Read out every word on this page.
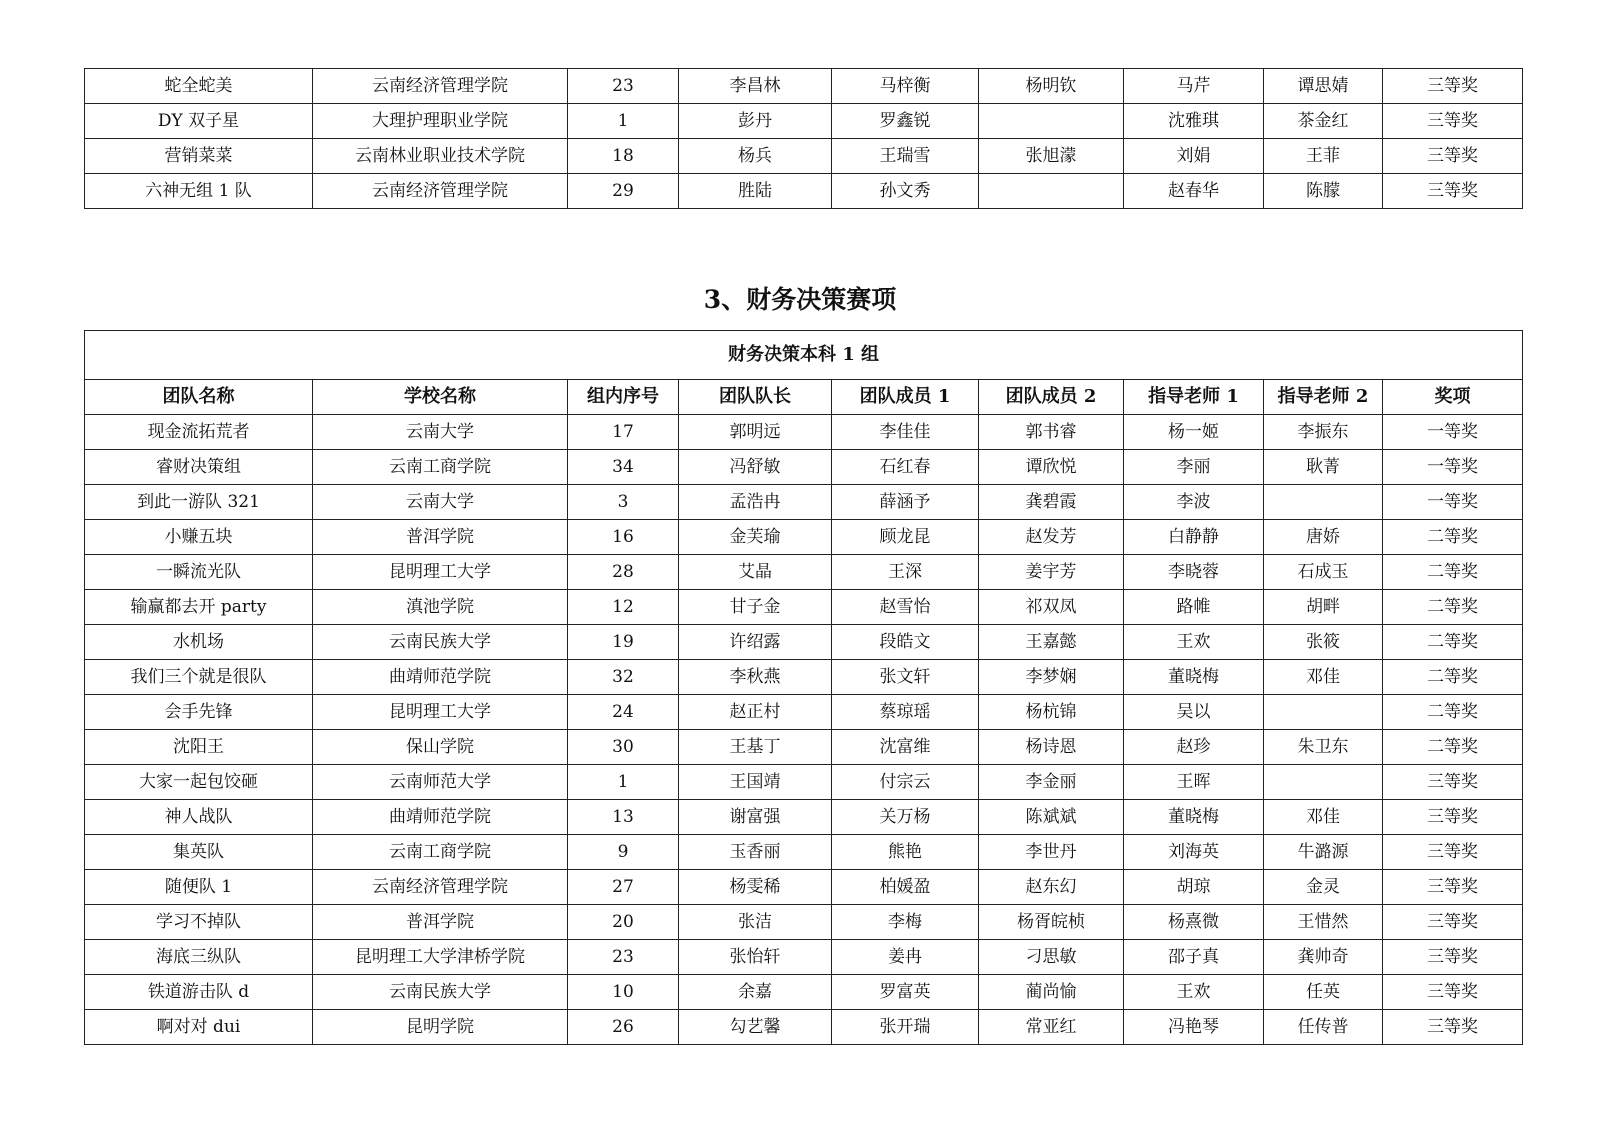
蛇全蛇美	云南经济管理学院	23	李昌林	马梓衡	杨明钦	马芹	谭思婧	三等奖
DY 双子星	大理护理职业学院	1	彭丹	罗鑫锐		沈雅琪	茶金红	三等奖
营销菜菜	云南林业职业技术学院	18	杨兵	王瑞雪	张旭濛	刘娟	王菲	三等奖
六神无组 1 队	云南经济管理学院	29	胜陆	孙文秀		赵春华	陈朦	三等奖
3、财务决策赛项
财务决策本科 1 组								
团队名称	学校名称	组内序号	团队队长	团队成员 1	团队成员 2	指导老师 1	指导老师 2	奖项
现金流拓荒者	云南大学	17	郭明远	李佳佳	郭书睿	杨一姬	李振东	一等奖
睿财决策组	云南工商学院	34	冯舒敏	石红春	谭欣悦	李丽	耿菁	一等奖
到此一游队 321	云南大学	3	孟浩冉	薛涵予	龚碧霞	李波		一等奖
小赚五块	普洱学院	16	金芙瑜	顾龙昆	赵发芳	白静静	唐娇	二等奖
一瞬流光队	昆明理工大学	28	艾晶	王深	姜宇芳	李晓蓉	石成玉	二等奖
输赢都去开 party	滇池学院	12	甘子金	赵雪怡	祁双凤	路帷	胡畔	二等奖
水机场	云南民族大学	19	许绍露	段皓文	王嘉懿	王欢	张筱	二等奖
我们三个就是很队	曲靖师范学院	32	李秋燕	张文轩	李梦娴	董晓梅	邓佳	二等奖
会手先锋	昆明理工大学	24	赵正村	蔡琼瑶	杨杭锦	吴以		二等奖
沈阳王	保山学院	30	王基丁	沈富维	杨诗恩	赵珍	朱卫东	二等奖
大家一起包饺砸	云南师范大学	1	王国靖	付宗云	李金丽	王晖		三等奖
神人战队	曲靖师范学院	13	谢富强	关万杨	陈斌斌	董晓梅	邓佳	三等奖
集英队	云南工商学院	9	玉香丽	熊艳	李世丹	刘海英	牛潞源	三等奖
随便队 1	云南经济管理学院	27	杨雯稀	柏媛盈	赵东幻	胡琼	金灵	三等奖
学习不掉队	普洱学院	20	张洁	李梅	杨胥皖桢	杨熹微	王惜然	三等奖
海底三纵队	昆明理工大学津桥学院	23	张怡轩	姜冉	刁思敏	邵子真	龚帅奇	三等奖
铁道游击队 d	云南民族大学	10	余嘉	罗富英	蔺尚愉	王欢	任英	三等奖
啊对对 dui	昆明学院	26	勾艺馨	张开瑞	常亚红	冯艳琴	任传普	三等奖
